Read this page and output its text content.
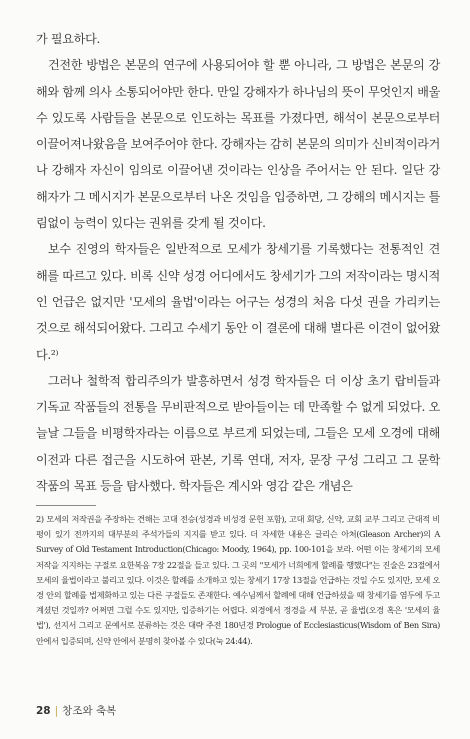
가 필요하다.

건전한 방법은 본문의 연구에 사용되어야 할 뿐 아니라, 그 방법은 본문의 강해와 함께 의사 소통되어야만 한다. 만일 강해자가 하나님의 뜻이 무엇인지 배울 수 있도록 사람들을 본문으로 인도하는 목표를 가졌다면, 해석이 본문으로부터 이끌어져나왔음을 보여주어야 한다. 강해자는 감히 본문의 의미가 신비적이라거나 강해자 자신이 임의로 이끌어낸 것이라는 인상을 주어서는 안 된다. 일단 강해자가 그 메시지가 본문으로부터 나온 것임을 입증하면, 그 강해의 메시지는 틀림없이 능력이 있다는 권위를 갖게 될 것이다.

보수 진영의 학자들은 일반적으로 모세가 창세기를 기록했다는 전통적인 견해를 따르고 있다. 비록 신약 성경 어디에서도 창세기가 그의 저작이라는 명시적인 언급은 없지만 '모세의 율법'이라는 어구는 성경의 처음 다섯 권을 가리키는 것으로 해석되어왔다. 그리고 수세기 동안 이 결론에 대해 별다른 이견이 없어왔다.²⁾

그러나 철학적 합리주의가 발흥하면서 성경 학자들은 더 이상 초기 랍비들과 기독교 작품들의 전통을 무비판적으로 받아들이는 데 만족할 수 없게 되었다. 오늘날 그들을 비평학자라는 이름으로 부르게 되었는데, 그들은 모세 오경에 대해 이전과 다른 접근을 시도하여 판본, 기록 연대, 저자, 문장 구성 그리고 그 문학 작품의 목표 등을 탐사했다. 학자들은 계시와 영감 같은 개념은

2) 모세의 저작권을 주장하는 견해는 고대 전승(성경과 비성경 문헌 포함), 고대 회당, 신약, 교회 교부 그리고 근대적 비평이 있기 전까지의 대부분의 주석가들의 지지를 받고 있다. 더 자세한 내용은 글리슨 아쳐(Gleason Archer)의 A Survey of Old Testament Introduction(Chicago: Moody, 1964), pp. 100-101을 보라. 어떤 이는 창세기의 모세 저작을 지지하는 구절로 요한복음 7장 22절을 들고 있다. 그 곳의 "모세가 너희에게 할례를 행했다"는 진술은 23절에서 모세의 율법이라고 불리고 있다. 이것은 할례를 소개하고 있는 창세기 17장 13절을 언급하는 것일 수도 있지만, 모세 오경 안의 할례를 법제화하고 있는 다른 구절들도 존재한다. 예수님께서 할례에 대해 언급하셨을 때 창세기를 염두에 두고 계셨던 것일까? 어쩌면 그럴 수도 있지만, 입증하기는 어렵다. 외경에서 정경을 세 부분, 곧 율법(오경 혹은 '모세의 율법'), 선지서 그리고 문예서로 분류하는 것은 대략 주전 180년경 Prologue of Ecclesiasticus(Wisdom of Ben Sira) 안에서 입증되며, 신약 안에서 분명히 찾아볼 수 있다(눅 24:44).
28 | 창조와 축복
